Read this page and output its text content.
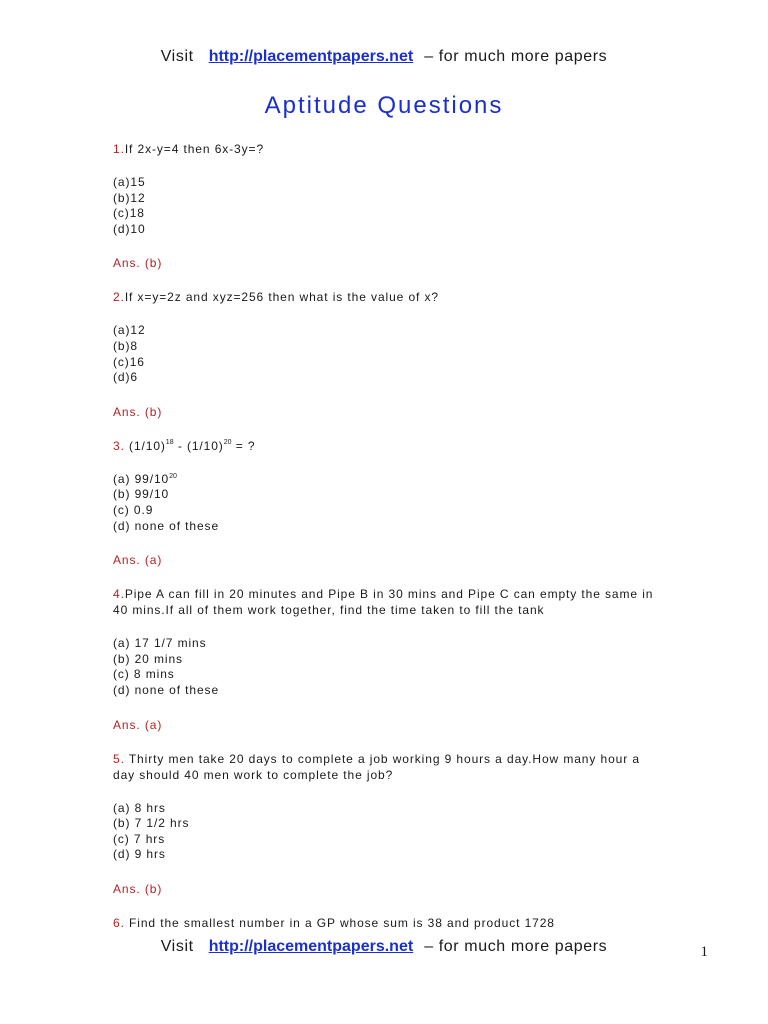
Visit http://placementpapers.net – for much more papers
Aptitude Questions
1.If 2x-y=4 then 6x-3y=?
(a)15
(b)12
(c)18
(d)10
Ans. (b)
2.If x=y=2z and xyz=256 then what is the value of x?
(a)12
(b)8
(c)16
(d)6
Ans. (b)
3. $(1/10)^{18} - (1/10)^{20}$ = ?
(a) $99/10^{20}$
(b) 99/10
(c) 0.9
(d) none of these
Ans. (a)
4.Pipe A can fill in 20 minutes and Pipe B in 30 mins and Pipe C can empty the same in 40 mins.If all of them work together, find the time taken to fill the tank
(a) 17 1/7 mins
(b) 20 mins
(c) 8 mins
(d) none of these
Ans. (a)
5. Thirty men take 20 days to complete a job working 9 hours a day.How many hour a day should 40 men work to complete the job?
(a) 8 hrs
(b) 7 1/2 hrs
(c) 7 hrs
(d) 9 hrs
Ans. (b)
6. Find the smallest number in a GP whose sum is 38 and product 1728
Visit http://placementpapers.net – for much more papers	1
